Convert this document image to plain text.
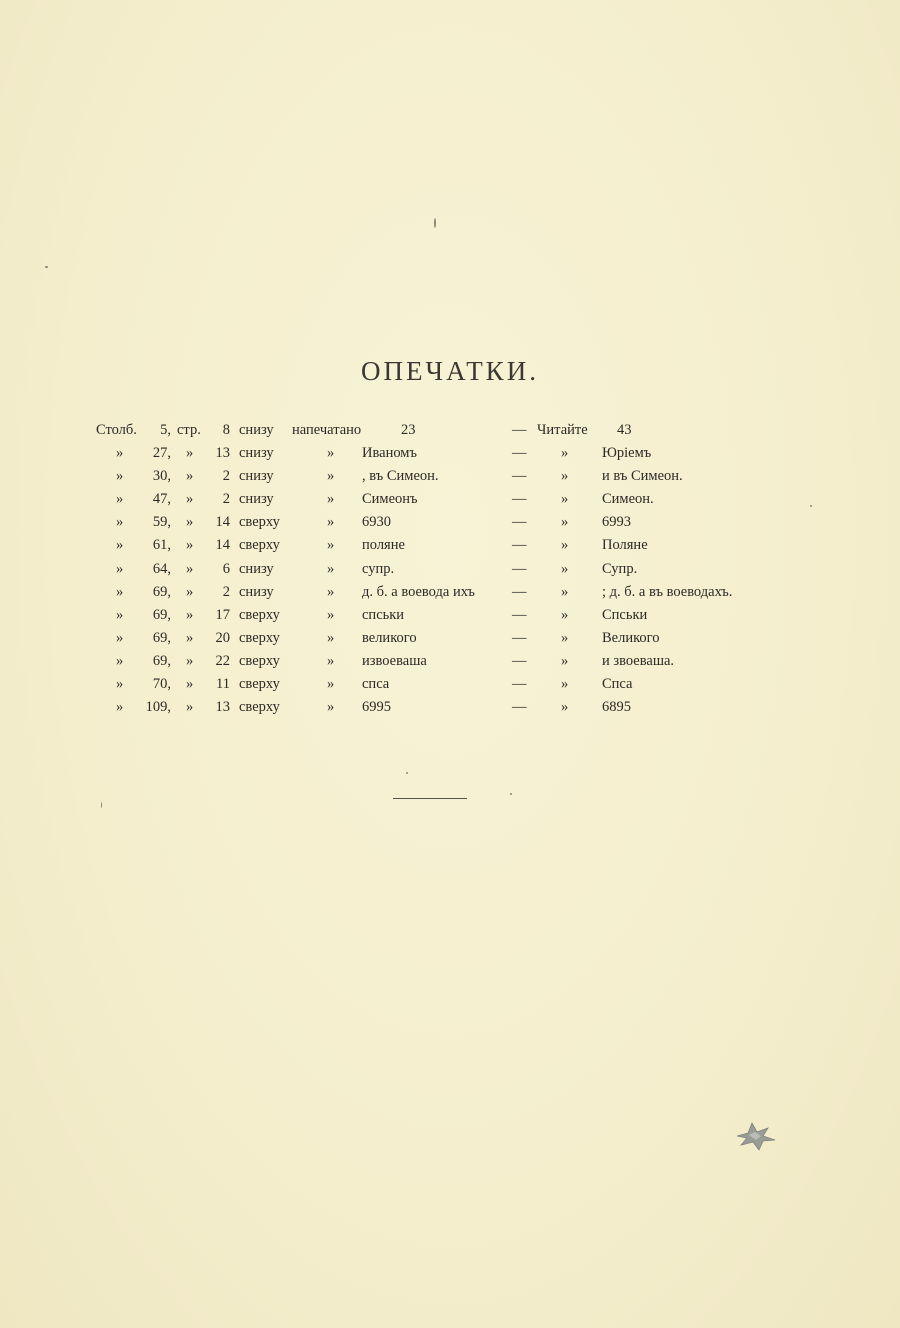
ОПЕЧАТКИ.
Столб. 5, стр. 8 снизу напечатано	23	— Читайте 43
» 27, » 13 снизу	» Иваномъ	— » Юріемъ
» 30, » 2 снизу	» , въ Симеон.	— » и въ Симеон.
» 47, » 2 снизу	» Симеонъ	— » Симеон.
» 59, » 14 сверху	» 6930	— » 6993
» 61, » 14 сверху	» поляне	— » Поляне
» 64, » 6 снизу	» супр.	— » Супр.
» 69, » 2 снизу	» д. б. а воевода ихъ	— » ; д. б. а въ воеводахъ.
» 69, » 17 сверху	» спськи	— » Спськи
» 69, » 20 сверху	» великого	— » Великого
» 69, » 22 сверху	» извоеваша	— » и звоеваша.
» 70, » 11 сверху	» спса	— » Спса
» 109, » 13 сверху	» 6995	— » 6895
